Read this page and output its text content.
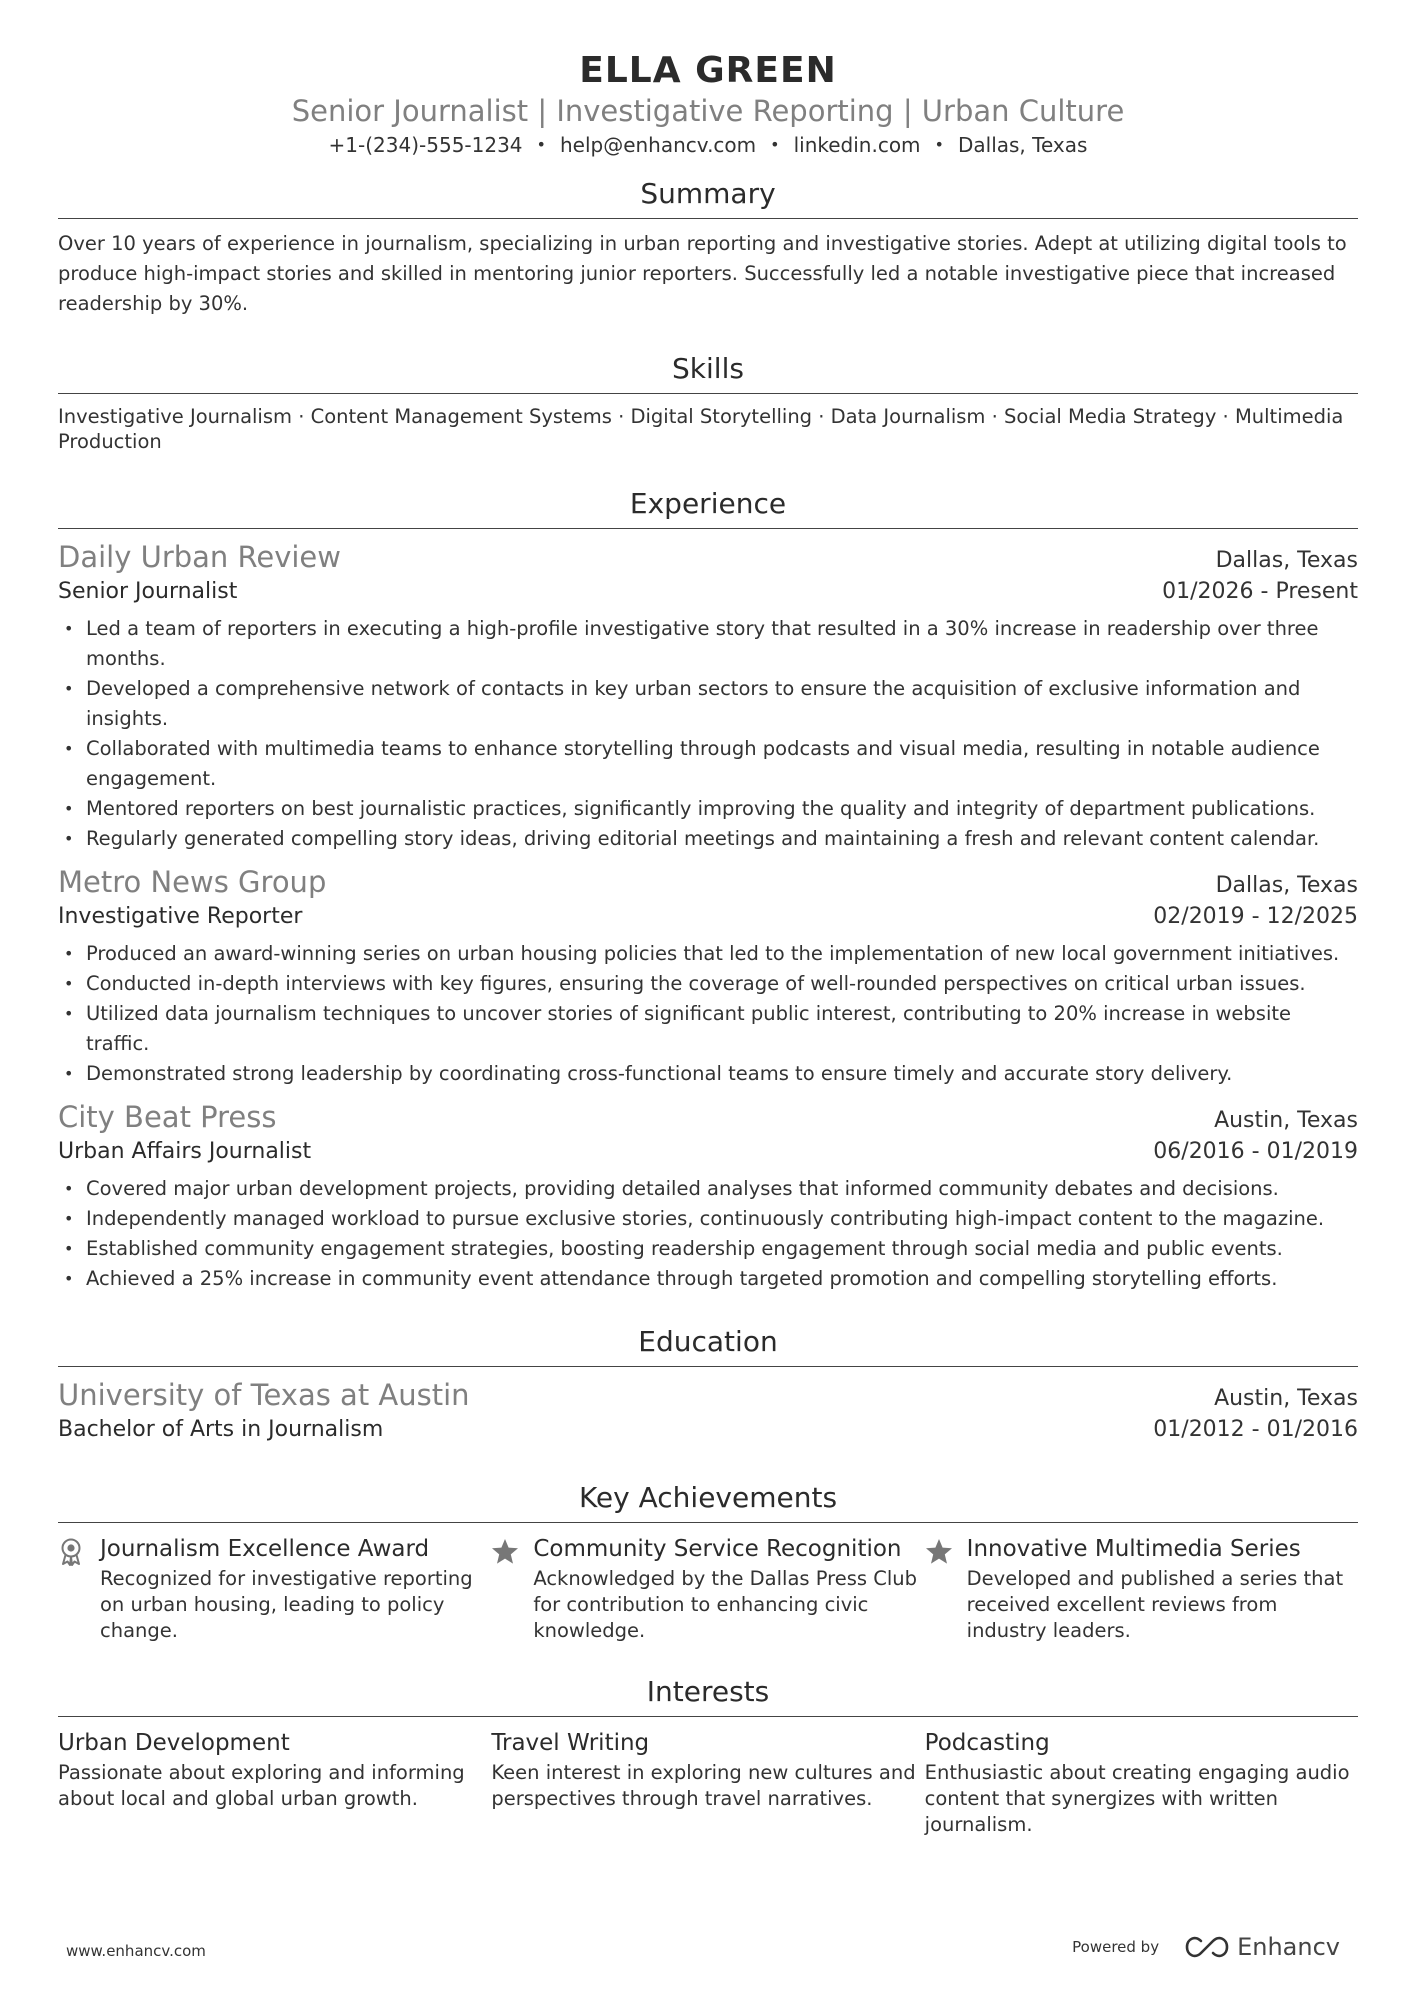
ELLA GREEN
Senior Journalist | Investigative Reporting | Urban Culture
+1-(234)-555-1234 • help@enhancv.com • linkedin.com • Dallas, Texas
Summary
Over 10 years of experience in journalism, specializing in urban reporting and investigative stories. Adept at utilizing digital tools to produce high-impact stories and skilled in mentoring junior reporters. Successfully led a notable investigative piece that increased readership by 30%.
Skills
Investigative Journalism · Content Management Systems · Digital Storytelling · Data Journalism · Social Media Strategy · Multimedia Production
Experience
Daily Urban Review	Dallas, Texas
Senior Journalist	01/2026 - Present
• Led a team of reporters in executing a high-profile investigative story that resulted in a 30% increase in readership over three months.
• Developed a comprehensive network of contacts in key urban sectors to ensure the acquisition of exclusive information and insights.
• Collaborated with multimedia teams to enhance storytelling through podcasts and visual media, resulting in notable audience engagement.
• Mentored reporters on best journalistic practices, significantly improving the quality and integrity of department publications.
• Regularly generated compelling story ideas, driving editorial meetings and maintaining a fresh and relevant content calendar.
Metro News Group	Dallas, Texas
Investigative Reporter	02/2019 - 12/2025
• Produced an award-winning series on urban housing policies that led to the implementation of new local government initiatives.
• Conducted in-depth interviews with key figures, ensuring the coverage of well-rounded perspectives on critical urban issues.
• Utilized data journalism techniques to uncover stories of significant public interest, contributing to 20% increase in website traffic.
• Demonstrated strong leadership by coordinating cross-functional teams to ensure timely and accurate story delivery.
City Beat Press	Austin, Texas
Urban Affairs Journalist	06/2016 - 01/2019
• Covered major urban development projects, providing detailed analyses that informed community debates and decisions.
• Independently managed workload to pursue exclusive stories, continuously contributing high-impact content to the magazine.
• Established community engagement strategies, boosting readership engagement through social media and public events.
• Achieved a 25% increase in community event attendance through targeted promotion and compelling storytelling efforts.
Education
University of Texas at Austin	Austin, Texas
Bachelor of Arts in Journalism	01/2012 - 01/2016
Key Achievements
Journalism Excellence Award
Recognized for investigative reporting on urban housing, leading to policy change.
Community Service Recognition
Acknowledged by the Dallas Press Club for contribution to enhancing civic knowledge.
Innovative Multimedia Series
Developed and published a series that received excellent reviews from industry leaders.
Interests
Urban Development
Passionate about exploring and informing about local and global urban growth.
Travel Writing
Keen interest in exploring new cultures and perspectives through travel narratives.
Podcasting
Enthusiastic about creating engaging audio content that synergizes with written journalism.
www.enhancv.com	Powered by	Enhancv
